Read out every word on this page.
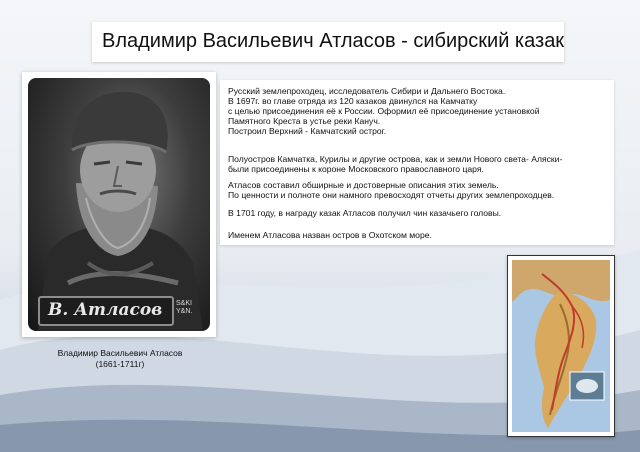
Владимир Васильевич Атласов - сибирский казак
В. Атласов S&KI
Y&N.
Владимир Васильевич Атласов
(1661-1711г)
Русский землепроходец, исследователь Сибири и Дальнего Востока.
В 1697г. во главе отряда из 120 казаков двинулся на Камчатку
с целью присоединения её к России. Оформил её присоединение установкой
Памятного Креста в устье реки Кануч.
Построил Верхний - Камчатский острог.
Полуостров Камчатка, Курилы и другие острова, как и земли Нового света- Аляски-
были присоединены к короне Московского православного царя.
Атласов составил обширные и достоверные описания этих земель.
По ценности и полноте они намного превосходят отчеты других землепроходцев.
В 1701 году, в награду казак Атласов получил чин казачьего головы.
Именем Атласова назван остров в Охотском море.
